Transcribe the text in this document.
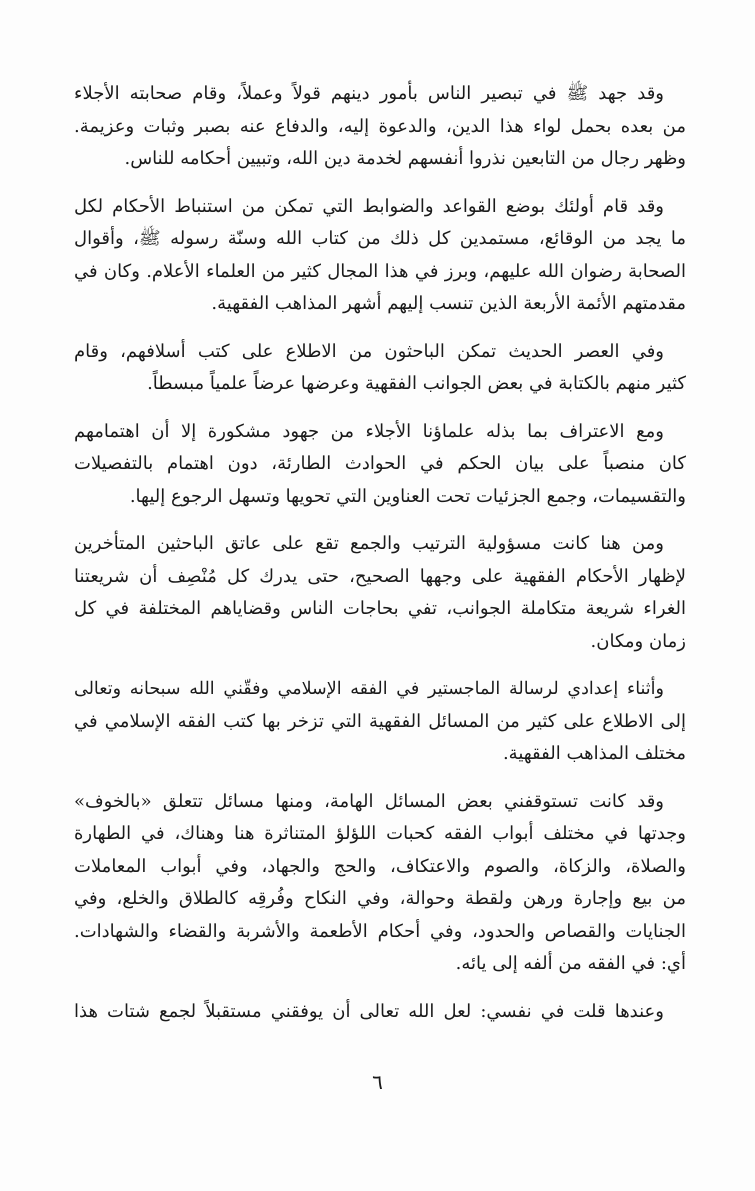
وقد جهد ﷺ في تبصير الناس بأمور دينهم قولاً وعملاً، وقام صحابته الأجلاء
من بعده بحمل لواء هذا الدين، والدعوة إليه، والدفاع عنه بصبر وثبات وعزيمة.
وظهر رجال من التابعين نذروا أنفسهم لخدمة دين الله، وتبيين أحكامه للناس.

وقد قام أولئك بوضع القواعد والضوابط التي تمكن من استنباط الأحكام لكل
ما يجد من الوقائع، مستمدين كل ذلك من كتاب الله وسنّة رسوله ﷺ، وأقوال
الصحابة رضوان الله عليهم، وبرز في هذا المجال كثير من العلماء الأعلام. وكان في
مقدمتهم الأئمة الأربعة الذين تنسب إليهم أشهر المذاهب الفقهية.

وفي العصر الحديث تمكن الباحثون من الاطلاع على كتب أسلافهم، وقام
كثير منهم بالكتابة في بعض الجوانب الفقهية وعرضها عرضاً علمياً مبسطاً.

ومع الاعتراف بما بذله علماؤنا الأجلاء من جهود مشكورة إلا أن اهتمامهم
كان منصباً على بيان الحكم في الحوادث الطارئة، دون اهتمام بالتفصيلات
والتقسيمات، وجمع الجزئيات تحت العناوين التي تحويها وتسهل الرجوع إليها.

ومن هنا كانت مسؤولية الترتيب والجمع تقع على عاتق الباحثين المتأخرين
لإظهار الأحكام الفقهية على وجهها الصحيح، حتى يدرك كل مُنْصِف أن شريعتنا
الغراء شريعة متكاملة الجوانب، تفي بحاجات الناس وقضاياهم المختلفة في كل
زمان ومكان.

وأثناء إعدادي لرسالة الماجستير في الفقه الإسلامي وفقّني الله سبحانه وتعالى
إلى الاطلاع على كثير من المسائل الفقهية التي تزخر بها كتب الفقه الإسلامي في
مختلف المذاهب الفقهية.

وقد كانت تستوقفني بعض المسائل الهامة، ومنها مسائل تتعلق «بالخوف»
وجدتها في مختلف أبواب الفقه كحبات اللؤلؤ المتناثرة هنا وهناك، في الطهارة
والصلاة، والزكاة، والصوم والاعتكاف، والحج والجهاد، وفي أبواب المعاملات
من بيع وإجارة ورهن ولقطة وحوالة، وفي النكاح وفُرقِه كالطلاق والخلع، وفي
الجنايات والقصاص والحدود، وفي أحكام الأطعمة والأشربة والقضاء والشهادات.
أي: في الفقه من ألفه إلى يائه.

وعندها قلت في نفسي: لعل الله تعالى أن يوفقني مستقبلاً لجمع شتات هذا

٦
